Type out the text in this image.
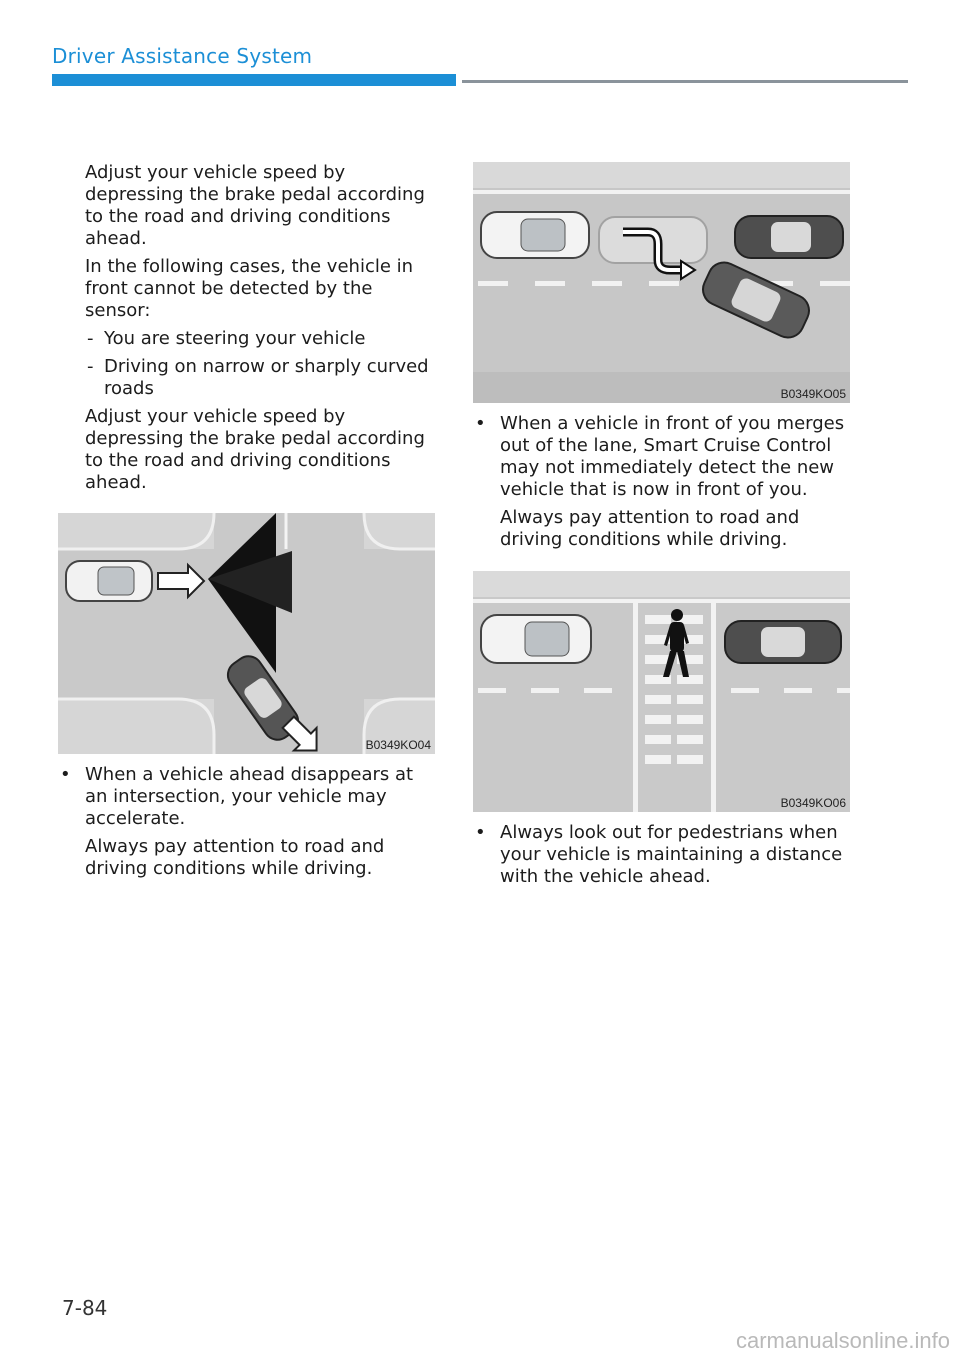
Driver Assistance System

Adjust your vehicle speed by depressing the brake pedal according to the road and driving conditions ahead.

In the following cases, the vehicle in front cannot be detected by the sensor:

- You are steering your vehicle
- Driving on narrow or sharply curved roads

Adjust your vehicle speed by depressing the brake pedal according to the road and driving conditions ahead.

B0349KO04
• When a vehicle ahead disappears at an intersection, your vehicle may accelerate.
Always pay attention to road and driving conditions while driving.
B0349KO05
• When a vehicle in front of you merges out of the lane, Smart Cruise Control may not immediately detect the new vehicle that is now in front of you.
Always pay attention to road and driving conditions while driving.
B0349KO06
• Always look out for pedestrians when your vehicle is maintaining a distance with the vehicle ahead.
7-84
carmanualsonline.info
